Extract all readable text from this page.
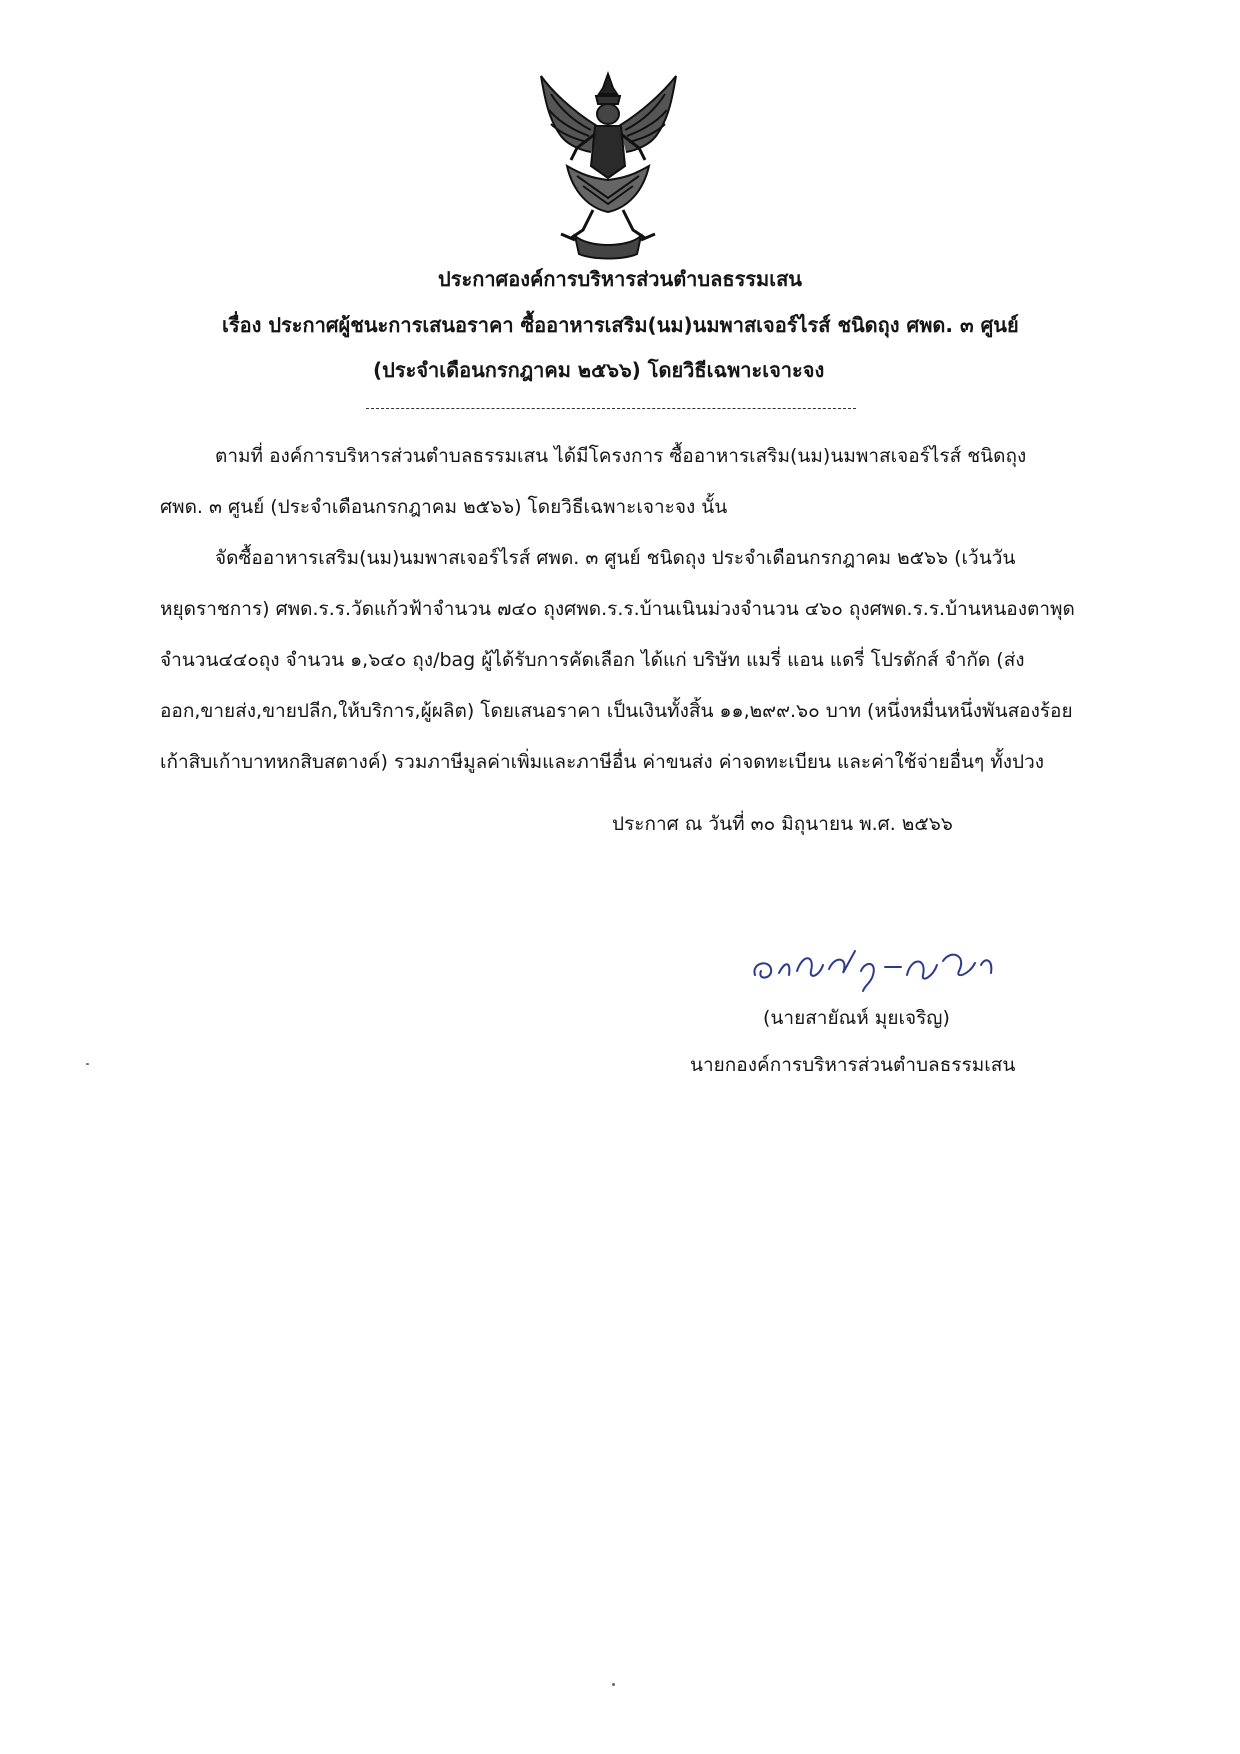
ประกาศองค์การบริหารส่วนตำบลธรรมเสน
เรื่อง ประกาศผู้ชนะการเสนอราคา ซื้ออาหารเสริม(นม)นมพาสเจอร์ไรส์ ชนิดถุง ศพด. ๓ ศูนย์
(ประจำเดือนกรกฎาคม ๒๕๖๖) โดยวิธีเฉพาะเจาะจง
ตามที่ องค์การบริหารส่วนตำบลธรรมเสน ได้มีโครงการ ซื้ออาหารเสริม(นม)นมพาสเจอร์ไรส์ ชนิดถุง
ศพด. ๓ ศูนย์ (ประจำเดือนกรกฎาคม ๒๕๖๖) โดยวิธีเฉพาะเจาะจง นั้น
จัดซื้ออาหารเสริม(นม)นมพาสเจอร์ไรส์ ศพด. ๓ ศูนย์ ชนิดถุง ประจำเดือนกรกฎาคม ๒๕๖๖ (เว้นวัน
หยุดราชการ) ศพด.ร.ร.วัดแก้วฟ้าจำนวน ๗๔๐ ถุงศพด.ร.ร.บ้านเนินม่วงจำนวน ๔๖๐ ถุงศพด.ร.ร.บ้านหนองตาพุด
จำนวน๔๔๐ถุง จำนวน ๑,๖๔๐ ถุง/bag ผู้ได้รับการคัดเลือก ได้แก่ บริษัท แมรี่ แอน แดรี่ โปรดักส์ จำกัด (ส่ง
ออก,ขายส่ง,ขายปลีก,ให้บริการ,ผู้ผลิต) โดยเสนอราคา เป็นเงินทั้งสิ้น ๑๑,๒๙๙.๖๐ บาท (หนึ่งหมื่นหนึ่งพันสองร้อย
เก้าสิบเก้าบาทหกสิบสตางค์) รวมภาษีมูลค่าเพิ่มและภาษีอื่น ค่าขนส่ง ค่าจดทะเบียน และค่าใช้จ่ายอื่นๆ ทั้งปวง
ประกาศ ณ วันที่ ๓๐ มิถุนายน พ.ศ. ๒๕๖๖
(นายสายัณห์ มุยเจริญ)
นายกองค์การบริหารส่วนตำบลธรรมเสน
